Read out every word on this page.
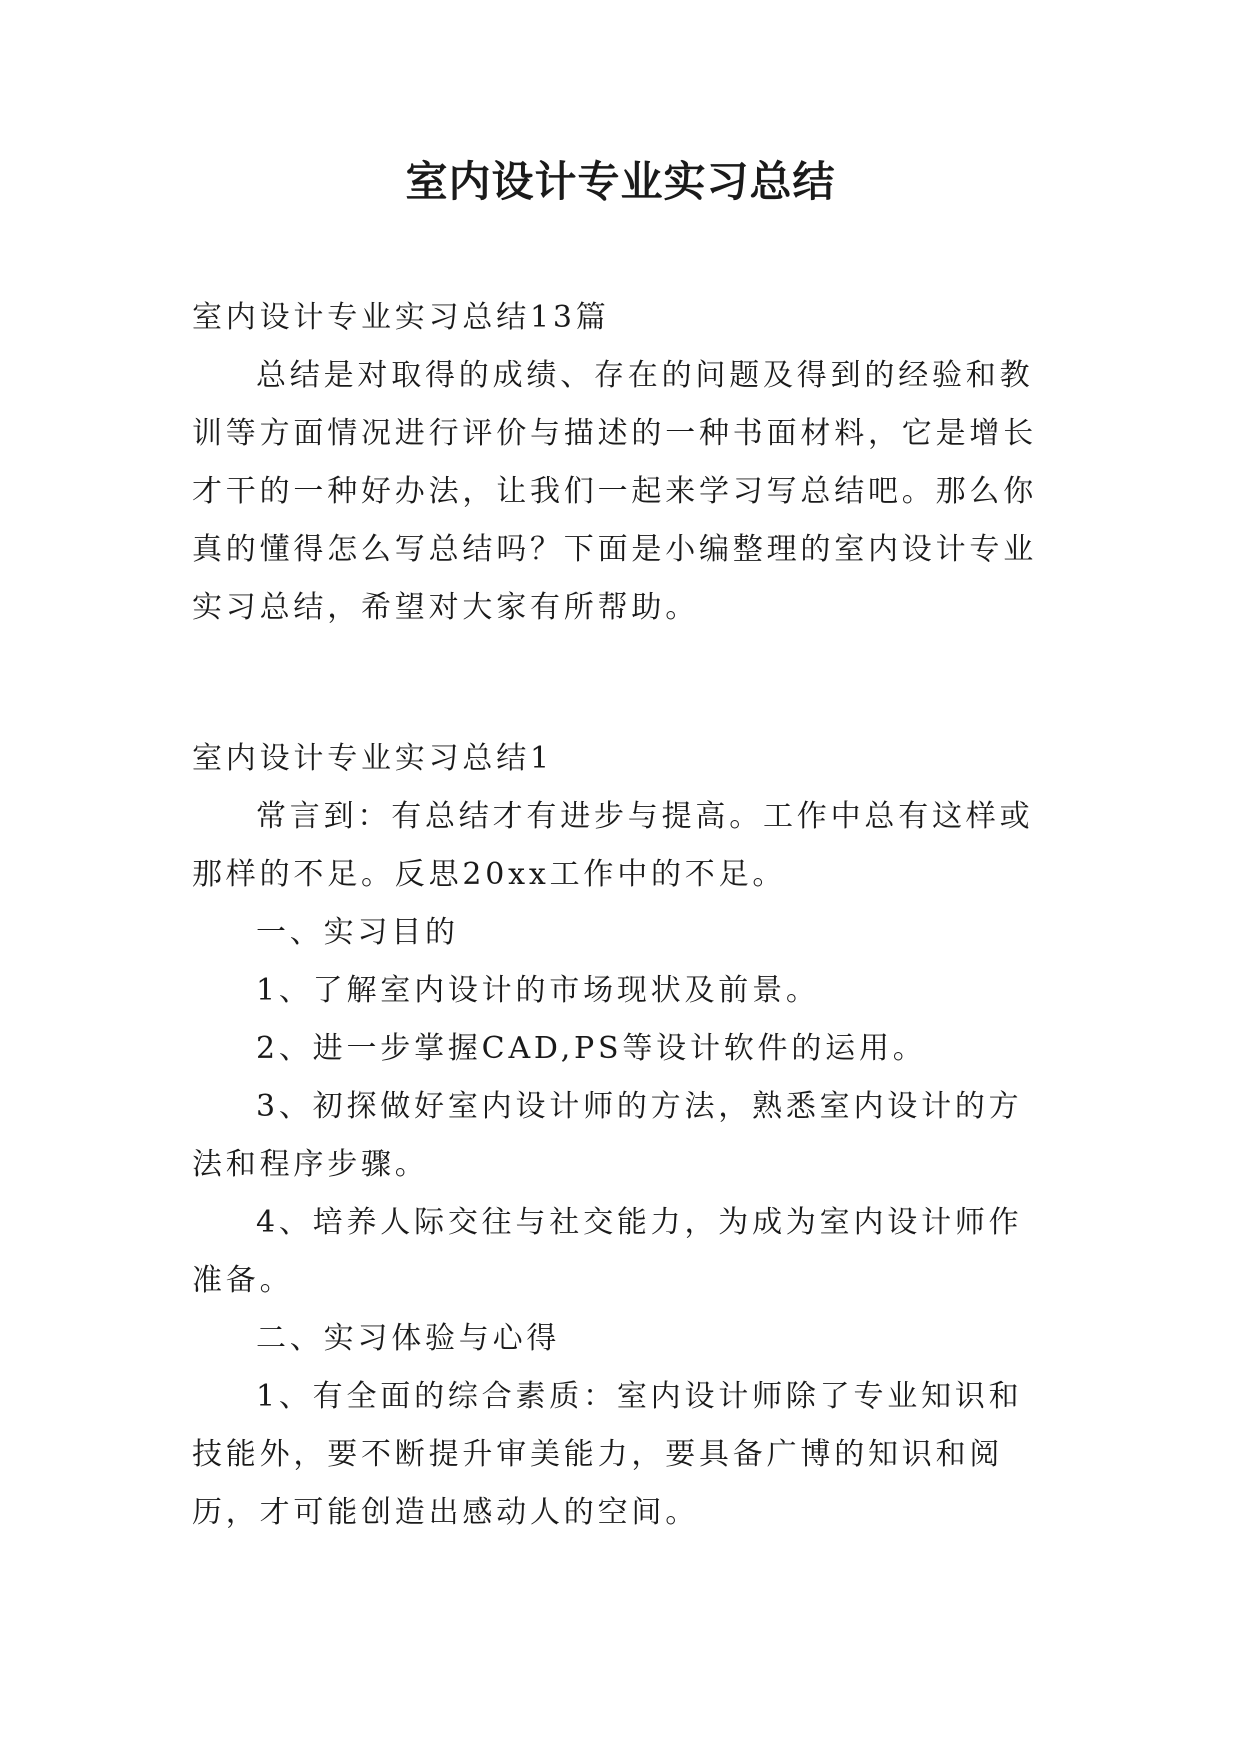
室内设计专业实习总结

室内设计专业实习总结13篇

总结是对取得的成绩、存在的问题及得到的经验和教训等方面情况进行评价与描述的一种书面材料，它是增长才干的一种好办法，让我们一起来学习写总结吧。那么你真的懂得怎么写总结吗？下面是小编整理的室内设计专业实习总结，希望对大家有所帮助。

室内设计专业实习总结1

常言到：有总结才有进步与提高。工作中总有这样或那样的不足。反思20xx工作中的不足。

一、实习目的

1、了解室内设计的市场现状及前景。

2、进一步掌握CAD,PS等设计软件的运用。

3、初探做好室内设计师的方法，熟悉室内设计的方法和程序步骤。

4、培养人际交往与社交能力，为成为室内设计师作准备。

二、实习体验与心得

1、有全面的综合素质：室内设计师除了专业知识和技能外，要不断提升审美能力，要具备广博的知识和阅历，才可能创造出感动人的空间。
